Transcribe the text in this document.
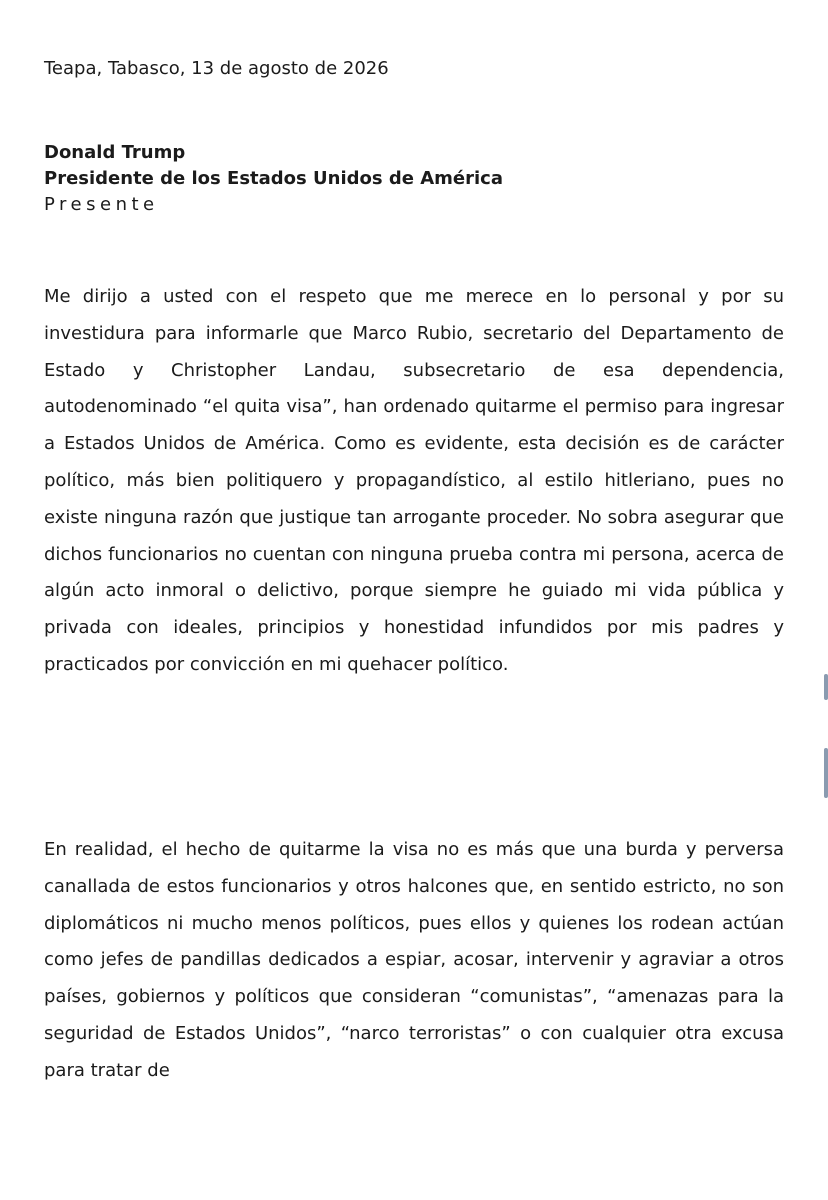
Teapa, Tabasco, 13 de agosto de 2026
Donald Trump
Presidente de los Estados Unidos de América
Presente

Me dirijo a usted con el respeto que me merece en lo personal y por su investidura para informarle que Marco Rubio, secretario del Departamento de Estado y Christopher Landau, subsecretario de esa dependencia, autodenominado “el quita visa”, han ordenado quitarme el permiso para ingresar a Estados Unidos de América. Como es evidente, esta decisión es de carácter político, más bien politiquero y propagandístico, al estilo hitleriano, pues no existe ninguna razón que justique tan arrogante proceder. No sobra asegurar que dichos funcionarios no cuentan con ninguna prueba contra mi persona, acerca de algún acto inmoral o delictivo, porque siempre he guiado mi vida pública y privada con ideales, principios y honestidad infundidos por mis padres y practicados por convicción en mi quehacer político.

En realidad, el hecho de quitarme la visa no es más que una burda y perversa canallada de estos funcionarios y otros halcones que, en sentido estricto, no son diplomáticos ni mucho menos políticos, pues ellos y quienes los rodean actúan como jefes de pandillas dedicados a espiar, acosar, intervenir y agraviar a otros países, gobiernos y políticos que consideran “comunistas”, “amenazas para la seguridad de Estados Unidos”, “narco terroristas” o con cualquier otra excusa para tratar de
